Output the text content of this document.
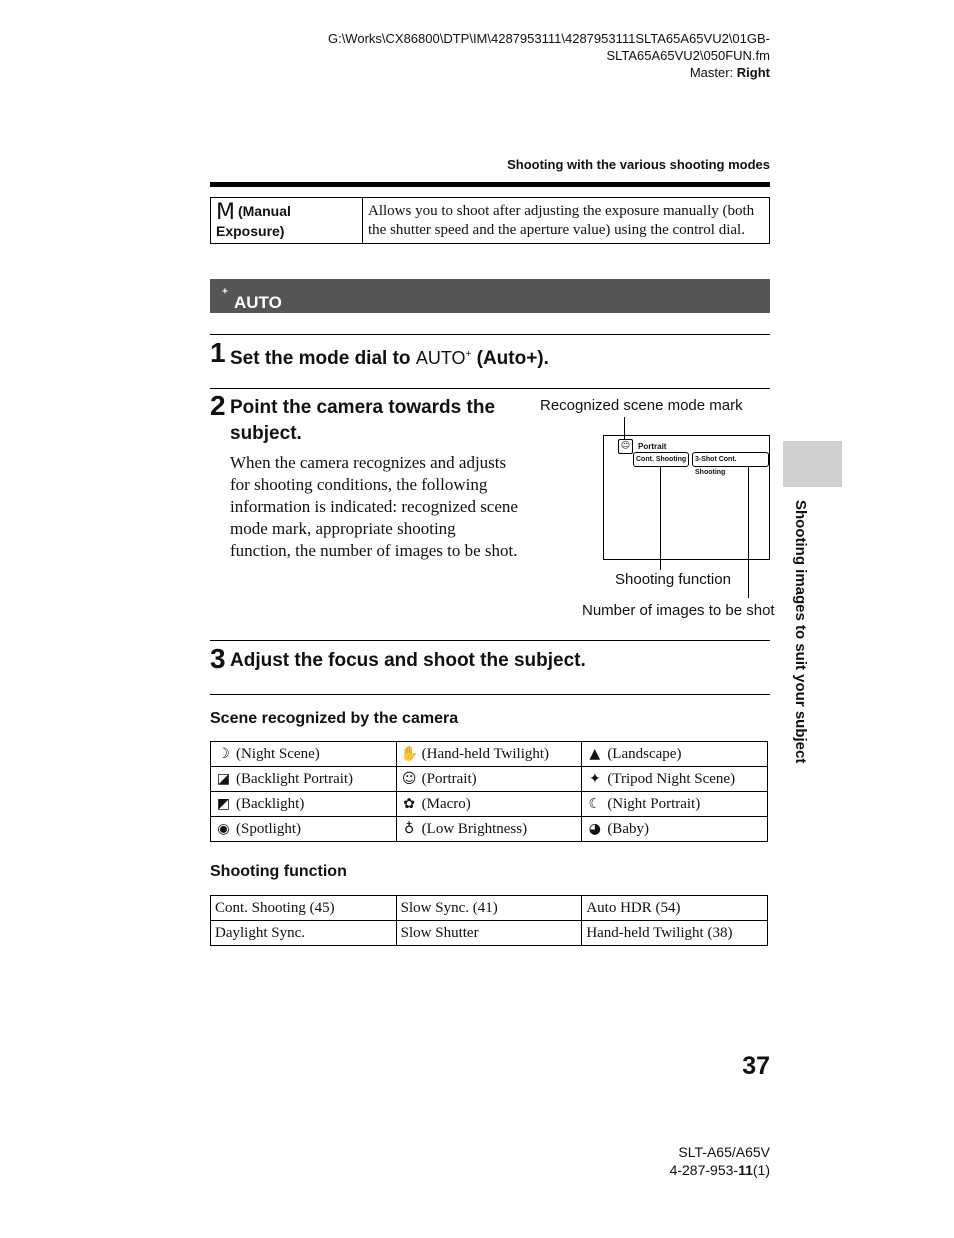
G:\Works\CX86800\DTP\IM\4287953111\4287953111SLTA65A65VU2\01GB-
SLTA65A65VU2\050FUN.fm
Master: Right
Shooting with the various shooting modes
M (Manual Exposure)	Allows you to shoot after adjusting the exposure manually (both the shutter speed and the aperture value) using the control dial.
AUTO
+
1 Set the mode dial to AUTO+ (Auto+).
2 Point the camera towards the subject.
When the camera recognizes and adjusts for shooting conditions, the following information is indicated: recognized scene mode mark, appropriate shooting function, the number of images to be shot.
Recognized scene mode mark
☺ Portrait
Cont. Shooting	3-Shot Cont. Shooting
Shooting function
Number of images to be shot
3 Adjust the focus and shoot the subject.
Scene recognized by the camera
☽ (Night Scene)	✋ (Hand-held Twilight)	▲ (Landscape)
◪ (Backlight Portrait)	☺ (Portrait)	✦ (Tripod Night Scene)
◩ (Backlight)	✿ (Macro)	☾ (Night Portrait)
◉ (Spotlight)	♁ (Low Brightness)	◕ (Baby)
Shooting function
Cont. Shooting (45)	Slow Sync. (41)	Auto HDR (54)
Daylight Sync.	Slow Shutter	Hand-held Twilight (38)
Shooting images to suit your subject
37
SLT-A65/A65V
4-287-953-11(1)
